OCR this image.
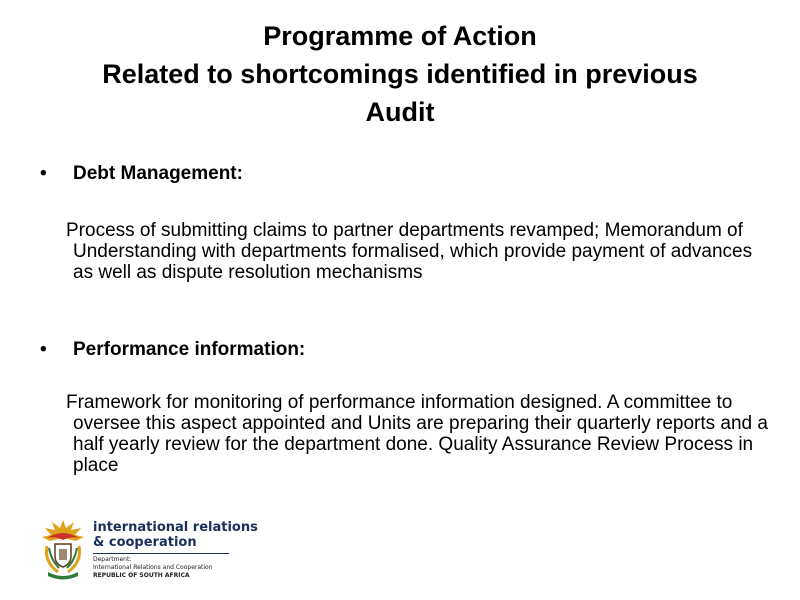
Programme of Action
Related to shortcomings identified in previous
Audit
•	Debt Management:

Process of submitting claims to partner departments revamped; Memorandum of Understanding with departments formalised, which provide payment of advances as well as dispute resolution mechanisms

•	Performance information:

Framework for monitoring of performance information designed. A committee to oversee this aspect appointed and Units are preparing their quarterly reports and a half yearly review for the department done. Quality Assurance Review Process in place

international relations
& cooperation
Department:
International Relations and Cooperation
REPUBLIC OF SOUTH AFRICA
